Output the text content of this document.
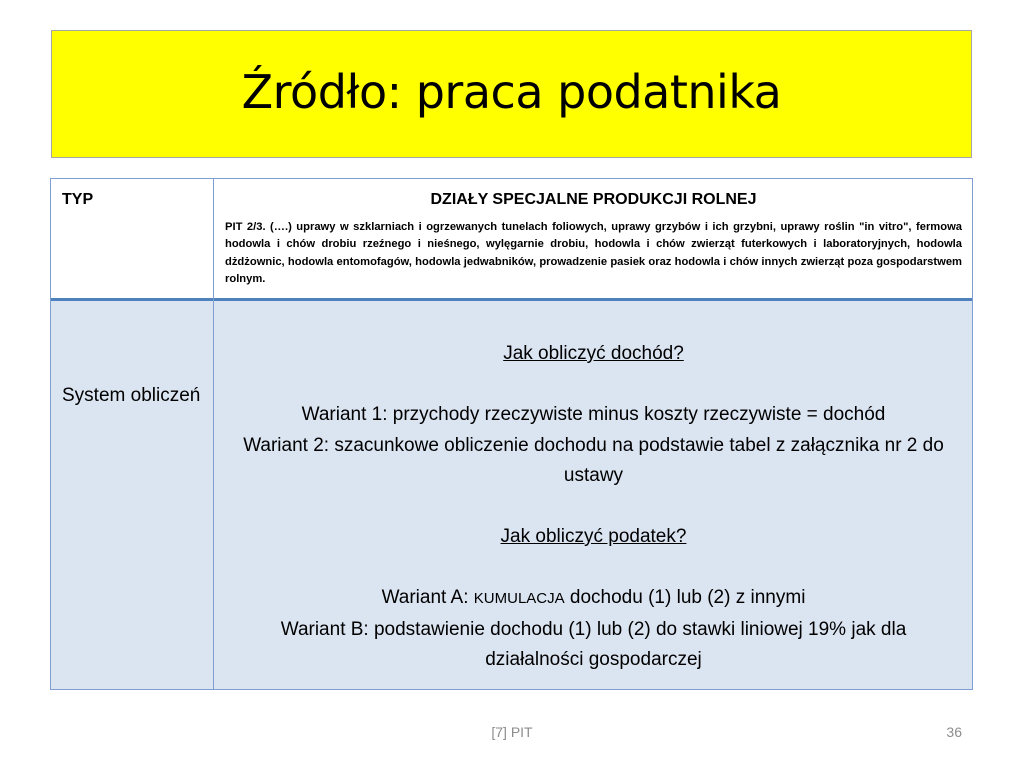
Źródło: praca podatnika
TYP	DZIAŁY SPECJALNE PRODUKCJI ROLNEJ
PIT 2/3. (….) uprawy w szklarniach i ogrzewanych tunelach foliowych, uprawy grzybów i ich grzybni, uprawy roślin "in vitro", fermowa hodowla i chów drobiu rzeźnego i nieśnego, wylęgarnie drobiu, hodowla i chów zwierząt futerkowych i laboratoryjnych, hodowla dżdżownic, hodowla entomofagów, hodowla jedwabników, prowadzenie pasiek oraz hodowla i chów innych zwierząt poza gospodarstwem rolnym.
System obliczeń
Jak obliczyć dochód?
Wariant 1: przychody rzeczywiste minus koszty rzeczywiste = dochód
Wariant 2: szacunkowe obliczenie dochodu na podstawie tabel z załącznika nr 2 do ustawy
Jak obliczyć podatek?
Wariant A: KUMULACJA dochodu (1) lub (2) z innymi
Wariant B: podstawienie dochodu (1) lub (2) do stawki liniowej 19% jak dla działalności gospodarczej
[7] PIT	36
